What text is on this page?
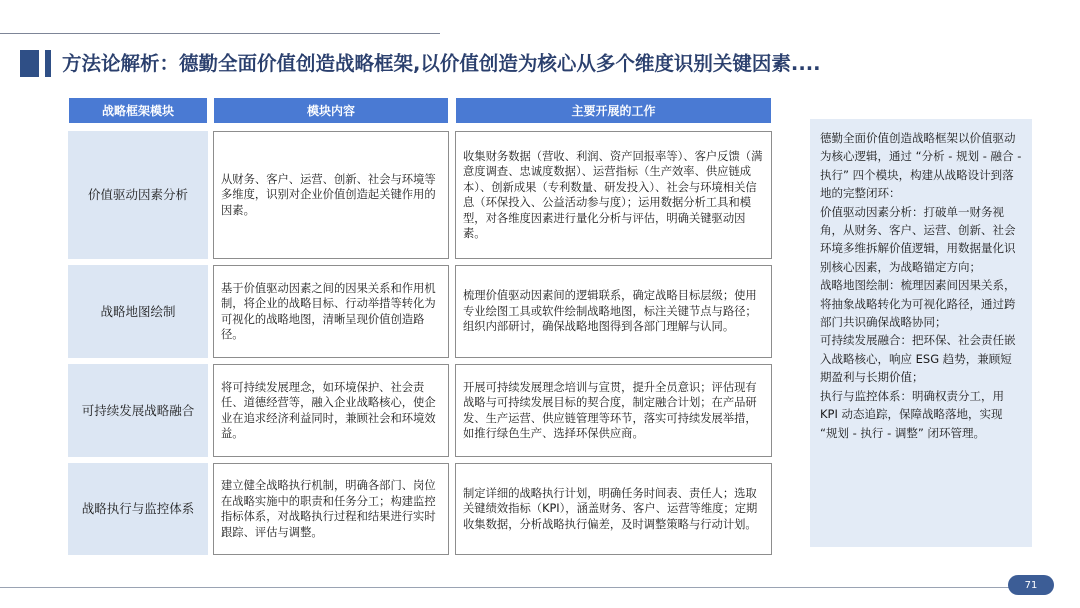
方法论解析：德勤全面价值创造战略框架,以价值创造为核心从多个维度识别关键因素....
战略框架模块	模块内容	主要开展的工作
价值驱动因素分析
从财务、客户、运营、创新、社会与环境等多维度，识别对企业价值创造起关键作用的因素。
收集财务数据（营收、利润、资产回报率等）、客户反馈（满意度调查、忠诚度数据）、运营指标（生产效率、供应链成本）、创新成果（专利数量、研发投入）、社会与环境相关信息（环保投入、公益活动参与度）；运用数据分析工具和模型，对各维度因素进行量化分析与评估，明确关键驱动因素。
战略地图绘制
基于价值驱动因素之间的因果关系和作用机制，将企业的战略目标、行动举措等转化为可视化的战略地图，清晰呈现价值创造路径。
梳理价值驱动因素间的逻辑联系，确定战略目标层级；使用专业绘图工具或软件绘制战略地图，标注关键节点与路径；组织内部研讨，确保战略地图得到各部门理解与认同。
可持续发展战略融合
将可持续发展理念，如环境保护、社会责任、道德经营等，融入企业战略核心，使企业在追求经济利益同时，兼顾社会和环境效益。
开展可持续发展理念培训与宣贯，提升全员意识；评估现有战略与可持续发展目标的契合度，制定融合计划；在产品研发、生产运营、供应链管理等环节，落实可持续发展举措，如推行绿色生产、选择环保供应商。
战略执行与监控体系
建立健全战略执行机制，明确各部门、岗位在战略实施中的职责和任务分工；构建监控指标体系，对战略执行过程和结果进行实时跟踪、评估与调整。
制定详细的战略执行计划，明确任务时间表、责任人；选取关键绩效指标（KPI），涵盖财务、客户、运营等维度；定期收集数据，分析战略执行偏差，及时调整策略与行动计划。

德勤全面价值创造战略框架以价值驱动为核心逻辑，通过 “分析 - 规划 - 融合 - 执行” 四个模块，构建从战略设计到落地的完整闭环：

价值驱动因素分析：打破单一财务视角，从财务、客户、运营、创新、社会环境多维拆解价值逻辑，用数据量化识别核心因素，为战略锚定方向；

战略地图绘制：梳理因素间因果关系，将抽象战略转化为可视化路径，通过跨部门共识确保战略协同；

可持续发展融合：把环保、社会责任嵌入战略核心，响应 ESG 趋势，兼顾短期盈利与长期价值；

执行与监控体系：明确权责分工，用 KPI 动态追踪，保障战略落地，实现 “规划 - 执行 - 调整” 闭环管理。

71
